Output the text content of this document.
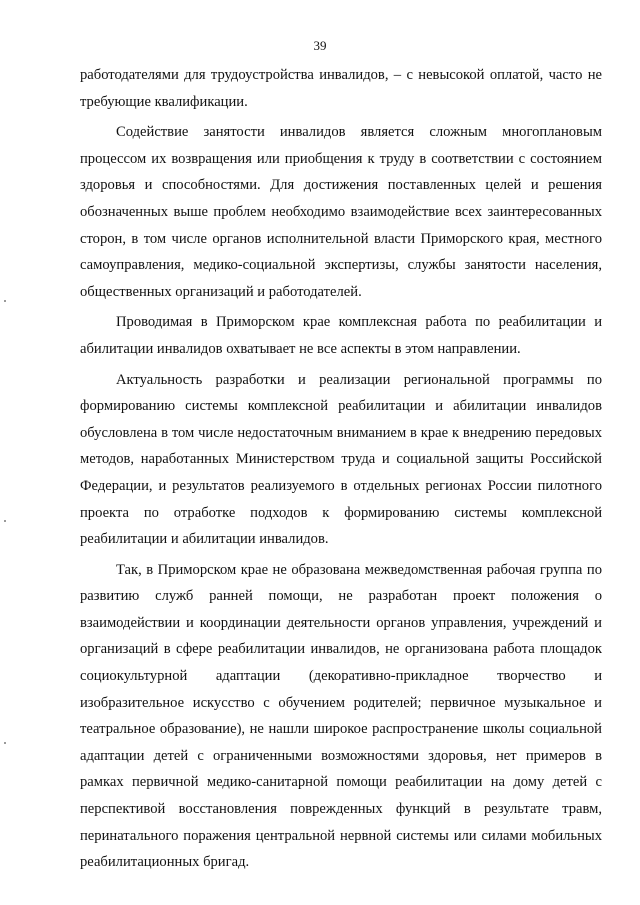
39

работодателями для трудоустройства инвалидов, – с невысокой оплатой, часто не требующие квалификации.

Содействие занятости инвалидов является сложным многоплановым процессом их возвращения или приобщения к труду в соответствии с состоянием здоровья и способностями. Для достижения поставленных целей и решения обозначенных выше проблем необходимо взаимодействие всех заинтересованных сторон, в том числе органов исполнительной власти Приморского края, местного самоуправления, медико-социальной экспертизы, службы занятости населения, общественных организаций и работодателей.

Проводимая в Приморском крае комплексная работа по реабилитации и абилитации инвалидов охватывает не все аспекты в этом направлении.

Актуальность разработки и реализации региональной программы по формированию системы комплексной реабилитации и абилитации инвалидов обусловлена в том числе недостаточным вниманием в крае к внедрению передовых методов, наработанных Министерством труда и социальной защиты Российской Федерации, и результатов реализуемого в отдельных регионах России пилотного проекта по отработке подходов к формированию системы комплексной реабилитации и абилитации инвалидов.

Так, в Приморском крае не образована межведомственная рабочая группа по развитию служб ранней помощи, не разработан проект положения о взаимодействии и координации деятельности органов управления, учреждений и организаций в сфере реабилитации инвалидов, не организована работа площадок социокультурной адаптации (декоративно-прикладное творчество и изобразительное искусство с обучением родителей; первичное музыкальное и театральное образование), не нашли широкое распространение школы социальной адаптации детей с ограниченными возможностями здоровья, нет примеров в рамках первичной медико-санитарной помощи реабилитации на дому детей с перспективой восстановления поврежденных функций в результате травм, перинатального поражения центральной нервной системы или силами мобильных реабилитационных бригад.
